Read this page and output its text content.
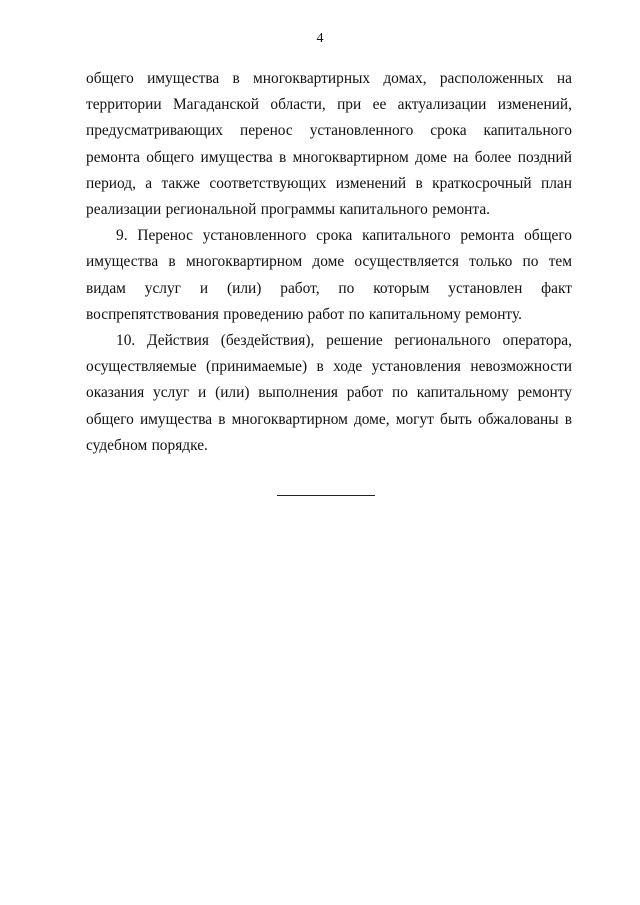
4

общего имущества в многоквартирных домах, расположенных на территории Магаданской области, при ее актуализации изменений, предусматривающих перенос установленного срока капитального ремонта общего имущества в многоквартирном доме на более поздний период, а также соответствующих изменений в краткосрочный план реализации региональной программы капитального ремонта.

9. Перенос установленного срока капитального ремонта общего имущества в многоквартирном доме осуществляется только по тем видам услуг и (или) работ, по которым установлен факт воспрепятствования проведению работ по капитальному ремонту.

10. Действия (бездействия), решение регионального оператора, осуществляемые (принимаемые) в ходе установления невозможности оказания услуг и (или) выполнения работ по капитальному ремонту общего имущества в многоквартирном доме, могут быть обжалованы в судебном порядке.
